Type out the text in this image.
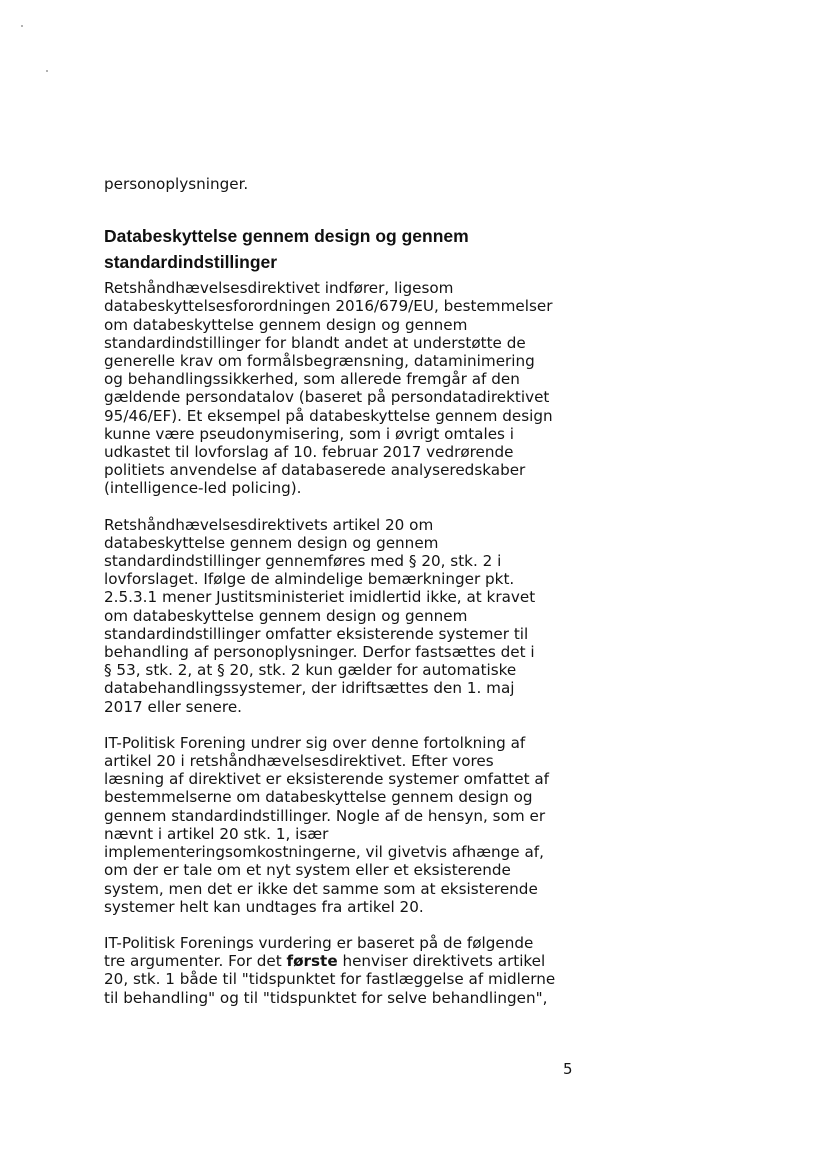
personoplysninger.

Databeskyttelse gennem design og gennem
standardindstillinger

Retshåndhævelsesdirektivet indfører, ligesom
databeskyttelsesforordningen 2016/679/EU, bestemmelser
om databeskyttelse gennem design og gennem
standardindstillinger for blandt andet at understøtte de
generelle krav om formålsbegrænsning, dataminimering
og behandlingssikkerhed, som allerede fremgår af den
gældende persondatalov (baseret på persondatadirektivet
95/46/EF). Et eksempel på databeskyttelse gennem design
kunne være pseudonymisering, som i øvrigt omtales i
udkastet til lovforslag af 10. februar 2017 vedrørende
politiets anvendelse af databaserede analyseredskaber
(intelligence-led policing).

Retshåndhævelsesdirektivets artikel 20 om
databeskyttelse gennem design og gennem
standardindstillinger gennemføres med § 20, stk. 2 i
lovforslaget. Ifølge de almindelige bemærkninger pkt.
2.5.3.1 mener Justitsministeriet imidlertid ikke, at kravet
om databeskyttelse gennem design og gennem
standardindstillinger omfatter eksisterende systemer til
behandling af personoplysninger. Derfor fastsættes det i
§ 53, stk. 2, at § 20, stk. 2 kun gælder for automatiske
databehandlingssystemer, der idriftsættes den 1. maj
2017 eller senere.

IT-Politisk Forening undrer sig over denne fortolkning af
artikel 20 i retshåndhævelsesdirektivet. Efter vores
læsning af direktivet er eksisterende systemer omfattet af
bestemmelserne om databeskyttelse gennem design og
gennem standardindstillinger. Nogle af de hensyn, som er
nævnt i artikel 20 stk. 1, især
implementeringsomkostningerne, vil givetvis afhænge af,
om der er tale om et nyt system eller et eksisterende
system, men det er ikke det samme som at eksisterende
systemer helt kan undtages fra artikel 20.

IT-Politisk Forenings vurdering er baseret på de følgende
tre argumenter. For det første henviser direktivets artikel
20, stk. 1 både til "tidspunktet for fastlæggelse af midlerne
til behandling" og til "tidspunktet for selve behandlingen",

5
